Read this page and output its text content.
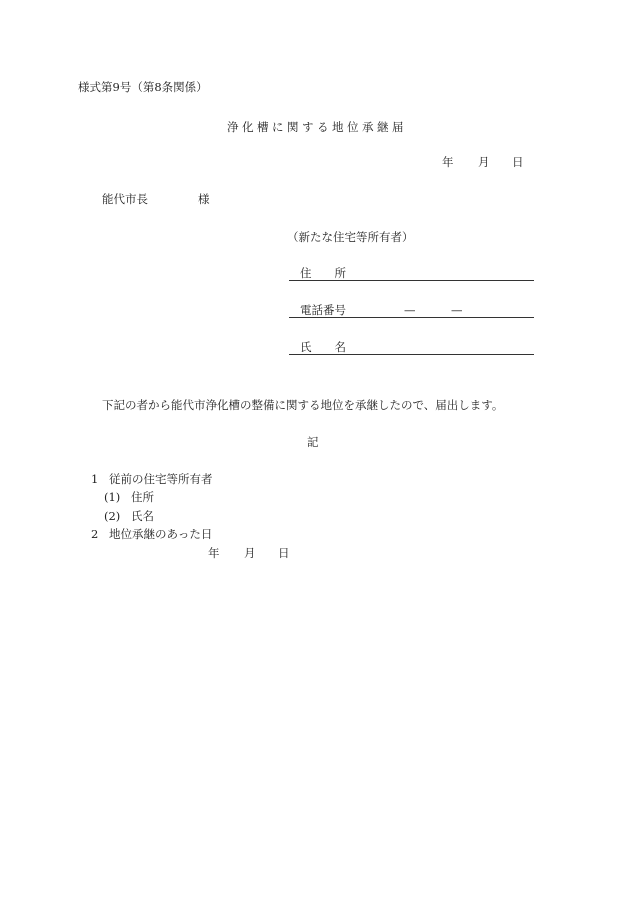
様式第9号（第8条関係）
浄化槽に関する地位承継届
年 月 日
能代市長	様
（新たな住宅等所有者）
住　　所
電話番号	—	—
氏　　名
下記の者から能代市浄化槽の整備に関する地位を承継したので、届出します。
記
1 従前の住宅等所有者
(1) 住所
(2) 氏名
2 地位承継のあった日
年 月 日
